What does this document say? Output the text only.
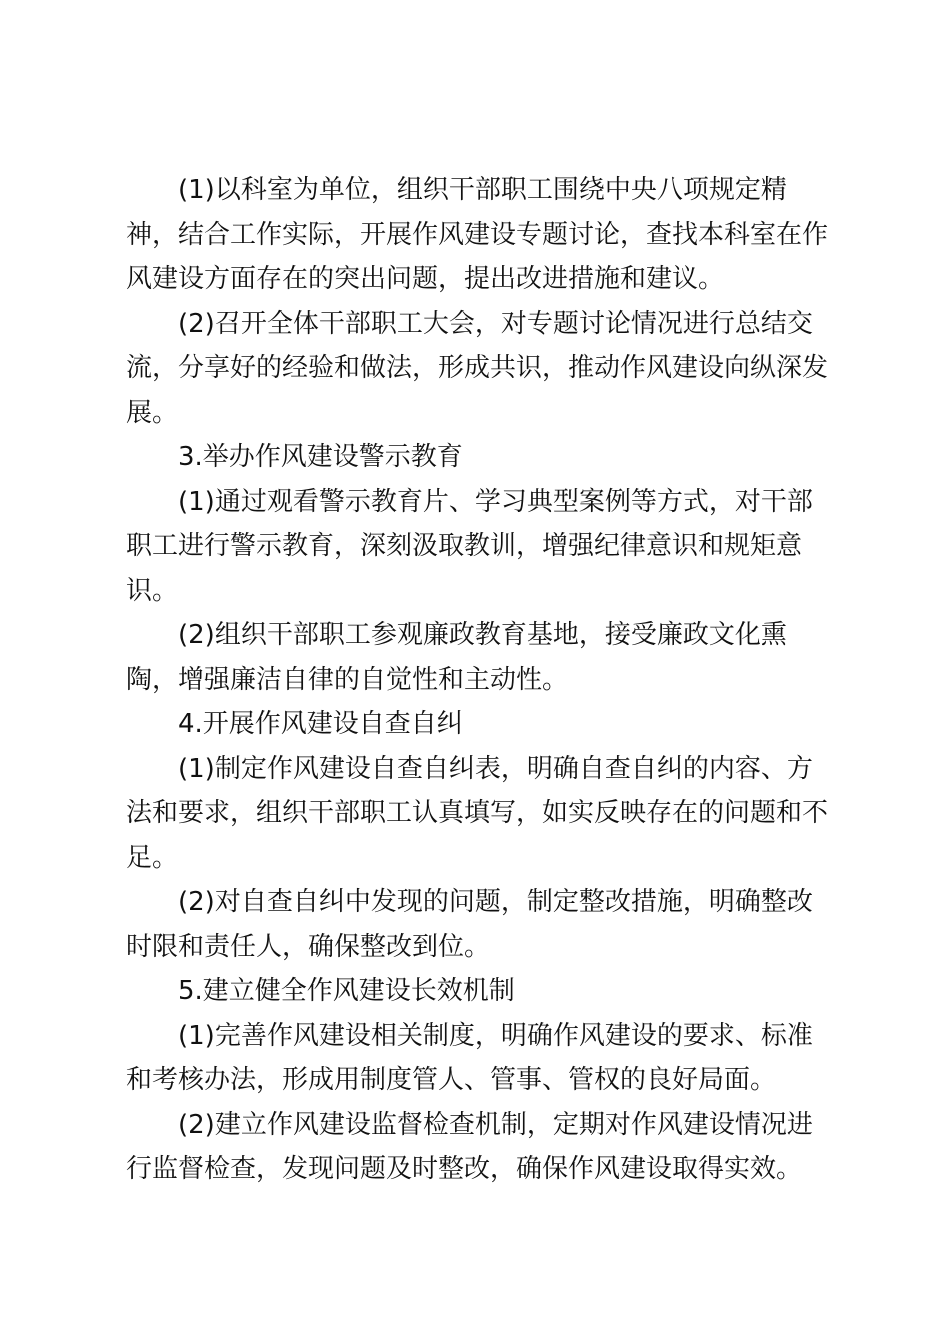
(1)以科室为单位，组织干部职工围绕中央八项规定精神，结合工作实际，开展作风建设专题讨论，查找本科室在作风建设方面存在的突出问题，提出改进措施和建议。

(2)召开全体干部职工大会，对专题讨论情况进行总结交流，分享好的经验和做法，形成共识，推动作风建设向纵深发展。

3.举办作风建设警示教育

(1)通过观看警示教育片、学习典型案例等方式，对干部职工进行警示教育，深刻汲取教训，增强纪律意识和规矩意识。

(2)组织干部职工参观廉政教育基地，接受廉政文化熏陶，增强廉洁自律的自觉性和主动性。

4.开展作风建设自查自纠

(1)制定作风建设自查自纠表，明确自查自纠的内容、方法和要求，组织干部职工认真填写，如实反映存在的问题和不足。

(2)对自查自纠中发现的问题，制定整改措施，明确整改时限和责任人，确保整改到位。

5.建立健全作风建设长效机制

(1)完善作风建设相关制度，明确作风建设的要求、标准和考核办法，形成用制度管人、管事、管权的良好局面。

(2)建立作风建设监督检查机制，定期对作风建设情况进行监督检查，发现问题及时整改，确保作风建设取得实效。
